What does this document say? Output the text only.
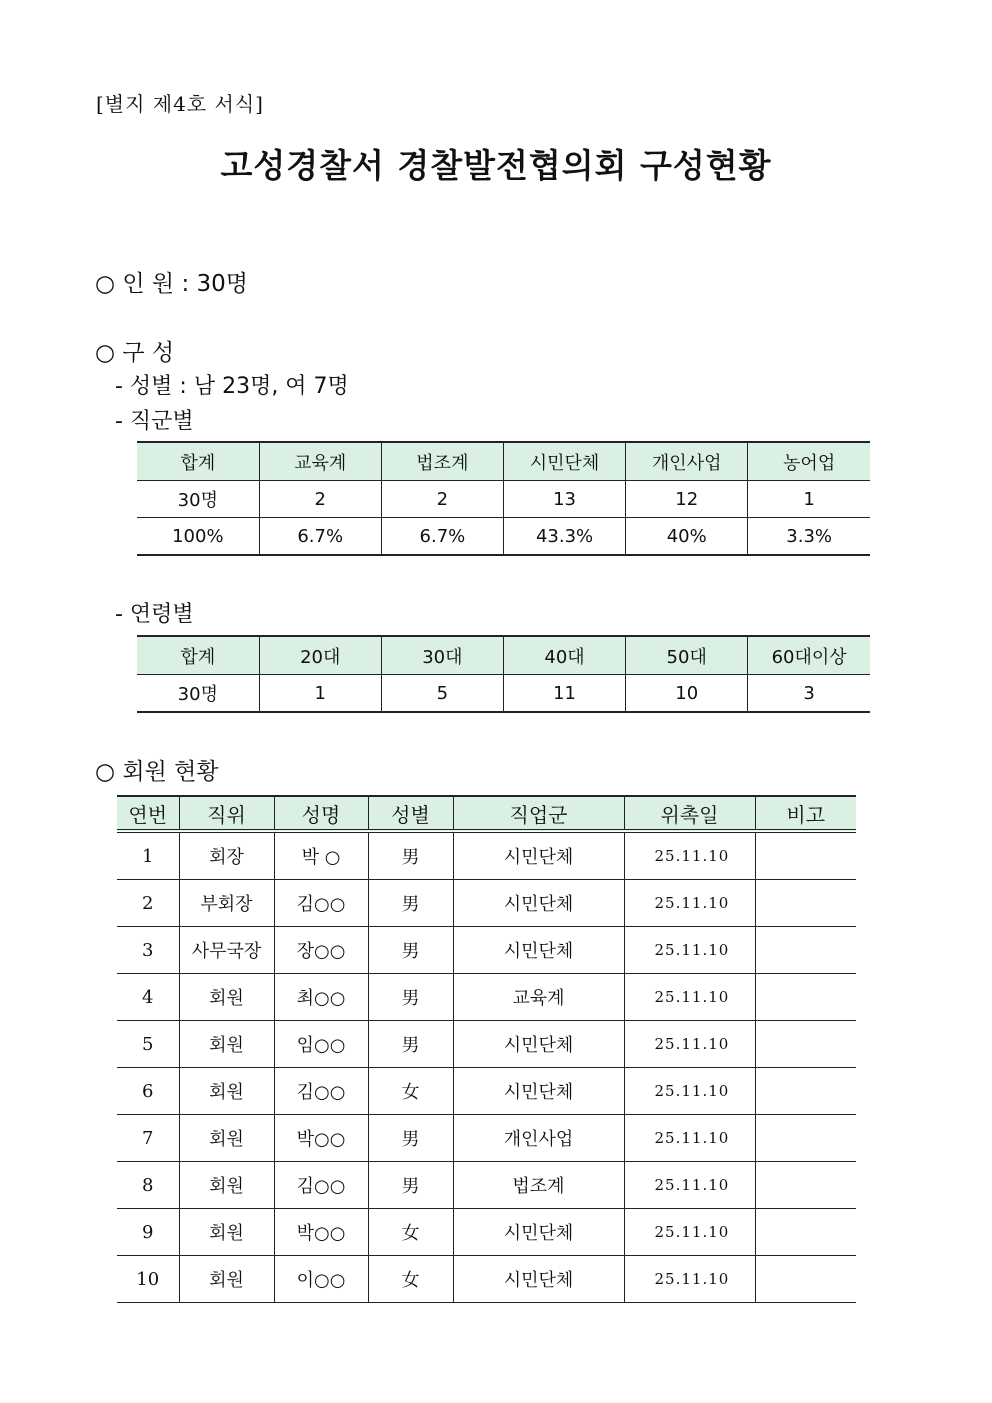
[별지 제4호 서식]
고성경찰서 경찰발전협의회 구성현황
○ 인 원 : 30명
○ 구 성
- 성별 : 남 23명, 여 7명
- 직군별
합계	교육계	법조계	시민단체	개인사업	농어업
30명	2	2	13	12	1
100%	6.7%	6.7%	43.3%	40%	3.3%
- 연령별
합계	20대	30대	40대	50대	60대이상
30명	1	5	11	10	3
○ 회원 현황
연번	직위	성명	성별	직업군	위촉일	비고
1	회장	박 ○	男	시민단체	25.11.10	
2	부회장	김○○	男	시민단체	25.11.10	
3	사무국장	장○○	男	시민단체	25.11.10	
4	회원	최○○	男	교육계	25.11.10	
5	회원	임○○	男	시민단체	25.11.10	
6	회원	김○○	女	시민단체	25.11.10	
7	회원	박○○	男	개인사업	25.11.10	
8	회원	김○○	男	법조계	25.11.10	
9	회원	박○○	女	시민단체	25.11.10	
10	회원	이○○	女	시민단체	25.11.10	
